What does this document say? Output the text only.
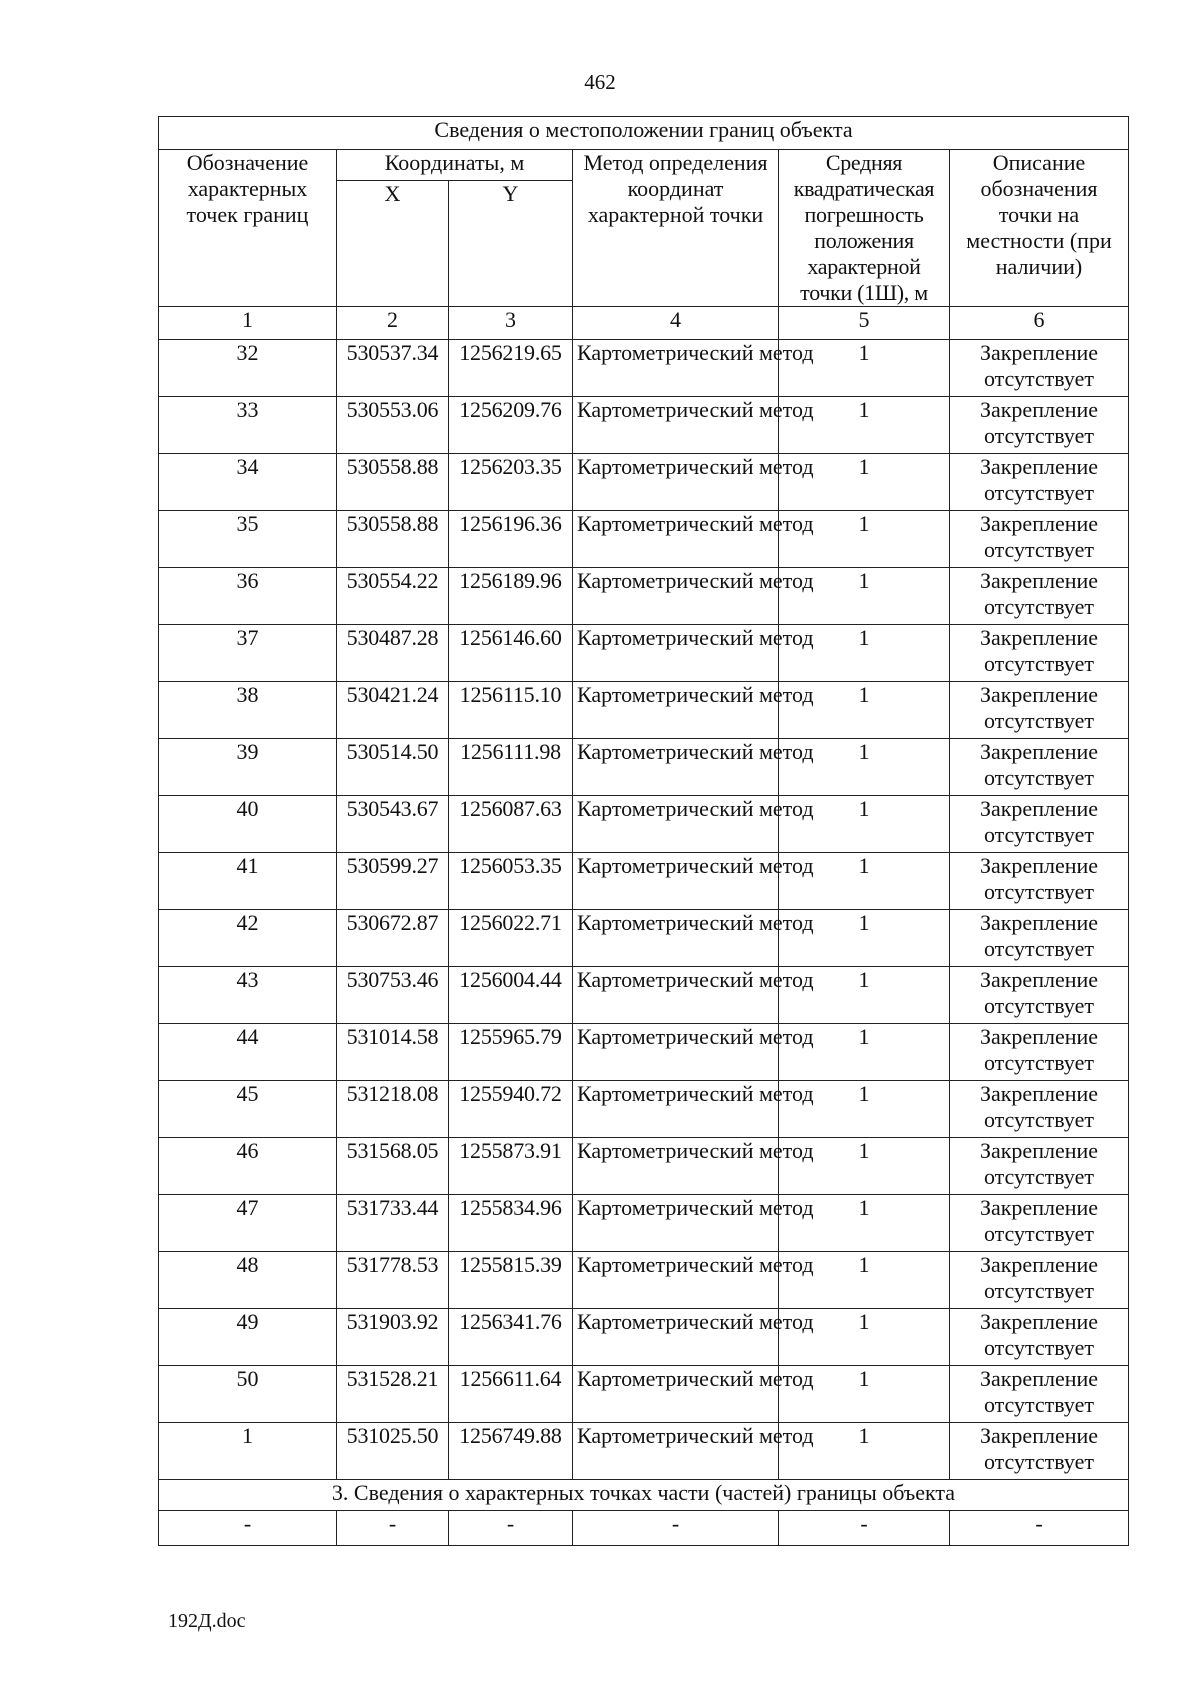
462
Сведения о местоположении границ объекта					
Обозначение характерных точек границ	Координаты, м		Метод определения координат характерной точки	Средняя квадратическая погрешность положения характерной точки (1Ш), м	Описание обозначения точки на местности (при наличии)
	X	Y			
1	2	3	4	5	6
32	530537.34	1256219.65	Картометрический метод	1	Закрепление отсутствует
33	530553.06	1256209.76	Картометрический метод	1	Закрепление отсутствует
34	530558.88	1256203.35	Картометрический метод	1	Закрепление отсутствует
35	530558.88	1256196.36	Картометрический метод	1	Закрепление отсутствует
36	530554.22	1256189.96	Картометрический метод	1	Закрепление отсутствует
37	530487.28	1256146.60	Картометрический метод	1	Закрепление отсутствует
38	530421.24	1256115.10	Картометрический метод	1	Закрепление отсутствует
39	530514.50	1256111.98	Картометрический метод	1	Закрепление отсутствует
40	530543.67	1256087.63	Картометрический метод	1	Закрепление отсутствует
41	530599.27	1256053.35	Картометрический метод	1	Закрепление отсутствует
42	530672.87	1256022.71	Картометрический метод	1	Закрепление отсутствует
43	530753.46	1256004.44	Картометрический метод	1	Закрепление отсутствует
44	531014.58	1255965.79	Картометрический метод	1	Закрепление отсутствует
45	531218.08	1255940.72	Картометрический метод	1	Закрепление отсутствует
46	531568.05	1255873.91	Картометрический метод	1	Закрепление отсутствует
47	531733.44	1255834.96	Картометрический метод	1	Закрепление отсутствует
48	531778.53	1255815.39	Картометрический метод	1	Закрепление отсутствует
49	531903.92	1256341.76	Картометрический метод	1	Закрепление отсутствует
50	531528.21	1256611.64	Картометрический метод	1	Закрепление отсутствует
1	531025.50	1256749.88	Картометрический метод	1	Закрепление отсутствует
3. Сведения о характерных точках части (частей) границы объекта					
-	-	-	-	-	-
192Д.doc
